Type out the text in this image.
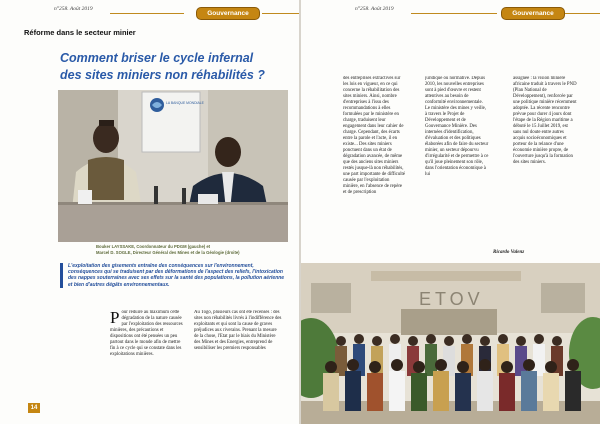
n°258. Août 2019
Gouvernance
Réforme dans le secteur minier
Comment briser le cycle infernal
des sites miniers non réhabilités ?
LA BANQUE MONDIALE
Bouker LAYSSAKE, Coordonnateur du PDGM (gauche) et
Marcel D. SOGLE, Directeur Général des Mines et de la Géologie (droite)
L'exploitation des gisements entraîne des conséquences sur l'environnement, conséquences qui se traduisent par des déformations de l'aspect des reliefs, l'intoxication des nappes souterraines avec ses effets sur la santé des populations, la pollution aérienne et bien d'autres dégâts environnementaux.
P our réduire au maximum cette dégradation de la nature causée par l'exploitation des ressources minières, des précautions et dispositions ont été pensées un peu partout dans le monde afin de mettre fin à ce cycle qui se constate dans les exploitations minières.
Au Togo, plusieurs cas ont été recensés : des sites non réhabilités livrés à l'indifférence des exploitants et qui sont la cause de graves préjudices aux riverains. Prenant la mesure de la chose, l'Etat par le biais du Ministère des Mines et des Energies, entreprend de sensibiliser les premiers responsables
14
n°258. Août 2019
Gouvernance
des entreprises extractives sur les lois en vigueur, en ce qui concerne la réhabilitation des sites miniers. Ainsi, nombre d'entreprises à l'issu des recommandations à elles formulées par le ministère en charge, traduisent leur engagement dans leur cahier de charge. Cependant, des écarts entre la parole et l'acte, il en existe... Des sites miniers ponctuent dans un état de dégradation avancée, de même que des anciens sites miniers restés jusque-là non réhabilités, une part importante de difficulté causée par l'exploitation minière, en l'absence de repère et de prescription
juridique ou normative. Depuis 2010, les nouvelles entreprises sont à pied d'œuvre et restent attentives au besoin de conformité environnementale. Le ministère des mines y veille, à travers le Projet de Développement et de Gouvernance Minière. Des internées d'identification, d'évaluation et des politiques élaborées afin de faire du secteur minier, un secteur dépourvu d'irrégularité et de permettre à ce qu'il joue pleinement son rôle, dans l'orientation économique à lui
assignée : la vision minière africaine traduit à travers le PND (Plan National de Développement), renforcée par une politique minière récemment adoptée. La récente rencontre prévue pour durer 4 jours dont l'étape de la Région maritime a débuté le 15 Juillet 2019, est sans nul doute entre autres acquis socioéconomiques et porteur de la relance d'une économie minière propre, de l'ouverture jusqu'à la formation des sites miniers.
Ricardo Valenz
ETOV
